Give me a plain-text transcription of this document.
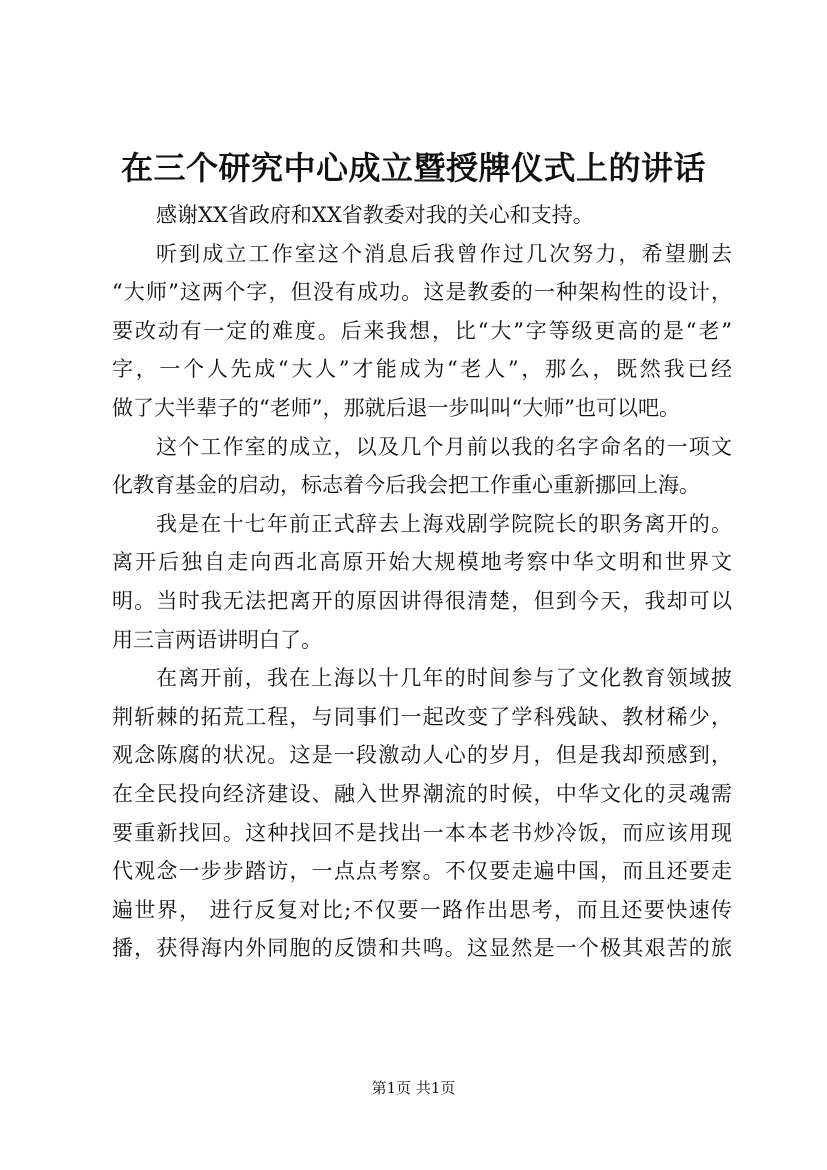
在三个研究中心成立暨授牌仪式上的讲话
感谢XX省政府和XX省教委对我的关心和支持。
听到成立工作室这个消息后我曾作过几次努力，希望删去
“大师”这两个字，但没有成功。这是教委的一种架构性的设计，
要改动有一定的难度。后来我想，比“大”字等级更高的是“老”
字，一个人先成“大人”才能成为“老人”，那么，既然我已经
做了大半辈子的“老师”，那就后退一步叫叫“大师”也可以吧。
这个工作室的成立，以及几个月前以我的名字命名的一项文
化教育基金的启动，标志着今后我会把工作重心重新挪回上海。
我是在十七年前正式辞去上海戏剧学院院长的职务离开的。
离开后独自走向西北高原开始大规模地考察中华文明和世界文
明。当时我无法把离开的原因讲得很清楚，但到今天，我却可以
用三言两语讲明白了。
在离开前，我在上海以十几年的时间参与了文化教育领域披
荆斩棘的拓荒工程，与同事们一起改变了学科残缺、教材稀少，
观念陈腐的状况。这是一段激动人心的岁月，但是我却预感到，
在全民投向经济建设、融入世界潮流的时候，中华文化的灵魂需
要重新找回。这种找回不是找出一本本老书炒冷饭，而应该用现
代观念一步步踏访，一点点考察。不仅要走遍中国，而且还要走
遍世界， 进行反复对比;不仅要一路作出思考，而且还要快速传
播，获得海内外同胞的反馈和共鸣。这显然是一个极其艰苦的旅
第1页 共1页
